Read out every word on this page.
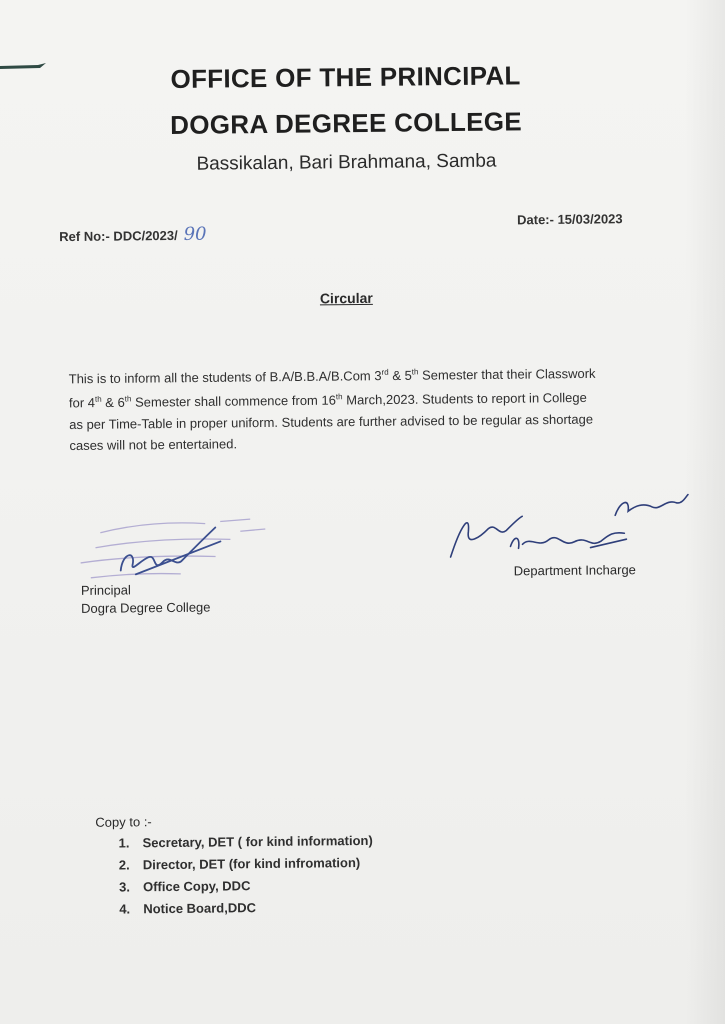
OFFICE OF THE PRINCIPAL
DOGRA DEGREE COLLEGE
Bassikalan, Bari Brahmana, Samba
Ref No:- DDC/2023/ 90
Date:- 15/03/2023
Circular
This is to inform all the students of B.A/B.B.A/B.Com 3rd & 5th Semester that their Classwork
for 4th & 6th Semester shall commence from 16th March,2023. Students to report in College
as per Time-Table in proper uniform. Students are further advised to be regular as shortage
cases will not be entertained.
Principal
Dogra Degree College
Department Incharge
Copy to :-
1. Secretary, DET ( for kind information)
2. Director, DET (for kind infromation)
3. Office Copy, DDC
4. Notice Board,DDC
